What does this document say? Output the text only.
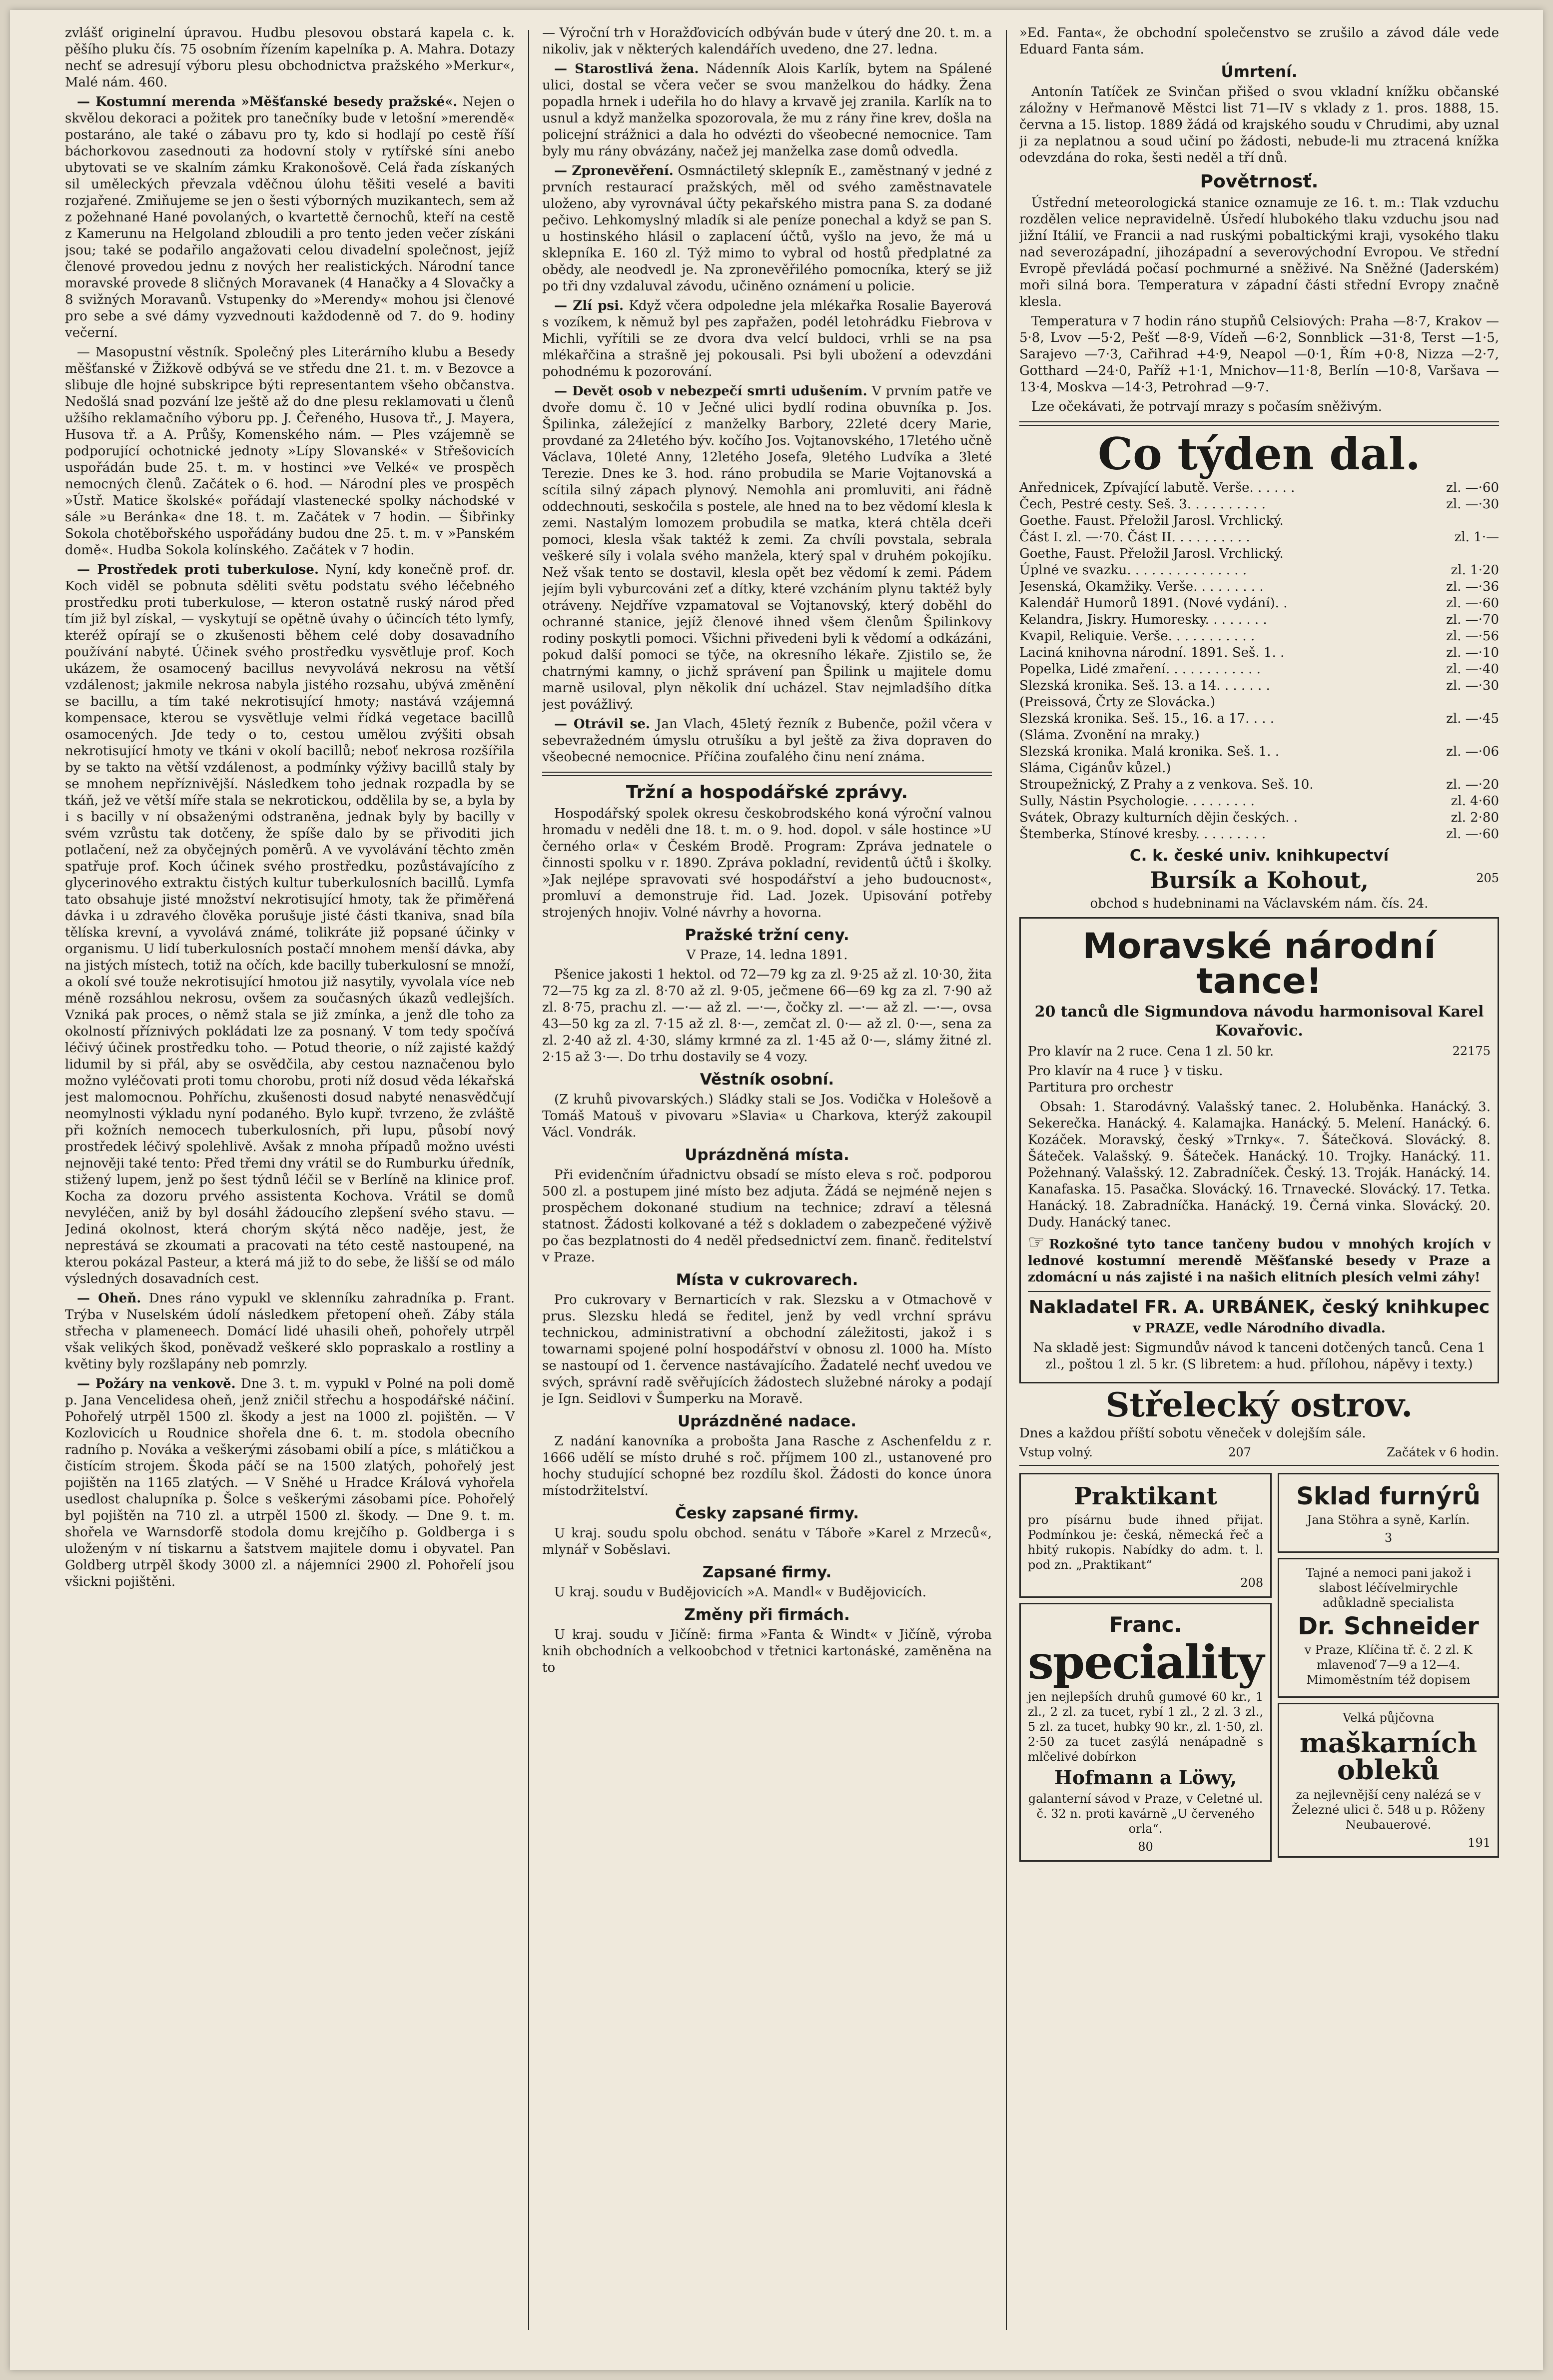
zvlášť originelní úpravou. Hudbu plesovou obstará kapela c. k. pěšího pluku čís. 75 osobním řízením kapelníka p. A. Mahra. Dotazy nechť se adresují výboru plesu obchodnictva pražského »Merkur«, Malé nám. 460.

— Kostumní merenda »Měšťanské besedy pražské«. Nejen o skvělou dekoraci a požitek pro tanečníky bude v letošní »merendě« postaráno, ale také o zábavu pro ty, kdo si hodlají po cestě říší báchorkovou zasednouti za hodovní stoly v rytířské síni anebo ubytovati se ve skalním zámku Krakonošově. Celá řada získaných sil uměleckých převzala vděčnou úlohu těšiti veselé a baviti rozjařené. Zmiňujeme se jen o šesti výborných muzikantech, sem až z požehnané Hané povolaných, o kvartettě černochů, kteří na cestě z Kamerunu na Helgoland zbloudili a pro tento jeden večer získáni jsou; také se podařilo angažovati celou divadelní společnost, jejíž členové provedou jednu z nových her realistických. Národní tance moravské provede 8 sličných Moravanek (4 Hanačky a 4 Slovačky a 8 svižných Moravanů. Vstupenky do »Merendy« mohou jsi členové pro sebe a své dámy vyzvednouti každodenně od 7. do 9. hodiny večerní.

— Masopustní věstník. Společný ples Literárního klubu a Besedy měšťanské v Žižkově odbývá se ve středu dne 21. t. m. v Bezovce a slibuje dle hojné subskripce býti representantem všeho občanstva. Nedošlá snad pozvání lze ještě až do dne plesu reklamovati u členů užšího reklamačního výboru pp. J. Čeřeného, Husova tř., J. Mayera, Husova tř. a A. Průšy, Komenského nám. — Ples vzájemně se podporující ochotnické jednoty »Lípy Slovanské« v Střešovicích uspořádán bude 25. t. m. v hostinci »ve Velké« ve prospěch nemocných členů. Začátek o 6. hod. — Národní ples ve prospěch »Ústř. Matice školské« pořádají vlastenecké spolky náchodské v sále »u Beránka« dne 18. t. m. Začátek v 7 hodin. — Šibřinky Sokola chotěbořského uspořádány budou dne 25. t. m. v »Panském domě«. Hudba Sokola kolínského. Začátek v 7 hodin.

— Prostředek proti tuberkulose. Nyní, kdy konečně prof. dr. Koch viděl se pobnuta sděliti světu podstatu svého léčebného prostředku proti tuberkulose, — kteron ostatně ruský národ před tím již byl získal, — vyskytují se opětně úvahy o účincích této lymfy, kteréž opírají se o zkušenosti během celé doby dosavadního používání nabyté. Účinek svého prostředku vysvětluje prof. Koch ukázem, že osamocený bacillus nevyvolává nekrosu na větší vzdálenost; jakmile nekrosa nabyla jistého rozsahu, ubývá změnění se bacillu, a tím také nekrotisující hmoty; nastává vzájemná kompensace, kterou se vysvětluje velmi řídká vegetace bacillů osamocených. Jde tedy o to, cestou umělou zvýšiti obsah nekrotisující hmoty ve tkáni v okolí bacillů; neboť nekrosa rozšířila by se takto na větší vzdálenost, a podmínky výživy bacillů staly by se mnohem nepříznivější. Následkem toho jednak rozpadla by se tkáň, jež ve větší míře stala se nekrotickou, oddělila by se, a byla by i s bacilly v ní obsaženými odstraněna, jednak byly by bacilly v svém vzrůstu tak dotčeny, že spíše dalo by se přivoditi jich potlačení, než za obyčejných poměrů. A ve vyvolávání těchto změn spatřuje prof. Koch účinek svého prostředku, pozůstávajícího z glycerinového extraktu čistých kultur tuberkulosních bacillů. Lymfa tato obsahuje jisté množství nekrotisující hmoty, tak že přiměřená dávka i u zdravého člověka porušuje jisté části tkaniva, snad bíla tělíska krevní, a vyvolává známé, tolikráte již popsané účinky v organismu. U lidí tuberkulosních postačí mnohem menší dávka, aby na jistých místech, totiž na očích, kde bacilly tuberkulosní se množí, a okolí své touže nekrotisující hmotou již nasytily, vyvolala více neb méně rozsáhlou nekrosu, ovšem za současných úkazů vedlejších. Vzniká pak proces, o němž stala se již zmínka, a jenž dle toho za okolností příznivých pokládati lze za posnaný. V tom tedy spočívá léčivý účinek prostředku toho. — Potud theorie, o níž zajisté každý lidumil by si přál, aby se osvědčila, aby cestou naznačenou bylo možno vyléčovati proti tomu chorobu, proti níž dosud věda lékařská jest malomocnou. Pohříchu, zkušenosti dosud nabyté nenasvědčují neomylnosti výkladu nyní podaného. Bylo kupř. tvrzeno, že zvláště při kožních nemocech tuberkulosních, při lupu, působí nový prostředek léčivý spolehlivě. Avšak z mnoha případů možno uvésti nejnověji také tento: Před třemi dny vrátil se do Rumburku úředník, stižený lupem, jenž po šest týdnů léčil se v Berlíně na klinice prof. Kocha za dozoru prvého assistenta Kochova. Vrátil se domů nevyléčen, aniž by byl dosáhl žádoucího zlepšení svého stavu. — Jediná okolnost, která chorým skýtá něco naděje, jest, že neprestává se zkoumati a pracovati na této cestě nastoupené, na kterou pokázal Pasteur, a která má již to do sebe, že lišší se od málo výsledných dosavadních cest.

— Oheň. Dnes ráno vypukl ve sklenníku zahradníka p. Frant. Trýba v Nuselském údolí následkem přetopení oheň. Záby stála střecha v plameneech. Domácí lidé uhasili oheň, pohořely utrpěl však velikých škod, poněvadž veškeré sklo popraskalo a rostliny a květiny byly rozšlapány neb pomrzly.

— Požáry na venkově. Dne 3. t. m. vypukl v Polné na poli domě p. Jana Vencelidesa oheň, jenž zničil střechu a hospodářské náčiní. Pohořelý utrpěl 1500 zl. škody a jest na 1000 zl. pojištěn. — V Kozlovicích u Roudnice shořela dne 6. t. m. stodola obecního radního p. Nováka a veškerými zásobami obilí a píce, s mlátičkou a čistícím strojem. Škoda páčí se na 1500 zlatých, pohořelý jest pojištěn na 1165 zlatých. — V Sněhé u Hradce Králová vyhořela usedlost chalupníka p. Šolce s veškerými zásobami píce. Pohořelý byl pojištěn na 710 zl. a utrpěl 1500 zl. škody. — Dne 9. t. m. shořela ve Warnsdorfě stodola domu krejčího p. Goldberga i s uloženým v ní tiskarnu a šatstvem majitele domu i obyvatel. Pan Goldberg utrpěl škody 3000 zl. a nájemníci 2900 zl. Pohořelí jsou všickni pojištěni.

— Výroční trh v Horažďovicích odbýván bude v úterý dne 20. t. m. a nikoliv, jak v některých kalendářích uvedeno, dne 27. ledna.

— Starostlivá žena. Nádenník Alois Karlík, bytem na Spálené ulici, dostal se včera večer se svou manželkou do hádky. Žena popadla hrnek i udeřila ho do hlavy a krvavě jej zranila. Karlík na to usnul a když manželka spozorovala, že mu z rány řine krev, došla na policejní strážnici a dala ho odvézti do všeobecné nemocnice. Tam byly mu rány obvázány, načež jej manželka zase domů odvedla.

— Zpronevěření. Osmnáctiletý sklepník E., zaměstnaný v jedné z prvních restaurací pražských, měl od svého zaměstnavatele uloženo, aby vyrovnával účty pekařského mistra pana S. za dodané pečivo. Lehkomyslný mladík si ale peníze ponechal a když se pan S. u hostinského hlásil o zaplacení účtů, vyšlo na jevo, že má u sklepníka E. 160 zl. Týž mimo to vybral od hostů předplatné za obědy, ale neodvedl je. Na zpronevěřilého pomocníka, který se již po tři dny vzdaluval závodu, učiněno oznámení u policie.

— Zlí psi. Když včera odpoledne jela mlékařka Rosalie Bayerová s vozíkem, k němuž byl pes zapřažen, podél letohrádku Fiebrova v Michli, vyřítili se ze dvora dva velcí buldoci, vrhli se na psa mlékařčina a strašně jej pokousali. Psi byli ubožení a odevzdáni pohodnému k pozorování.

— Devět osob v nebezpečí smrti udušením. V prvním patře ve dvoře domu č. 10 v Ječné ulici bydlí rodina obuvníka p. Jos. Špilinka, záležející z manželky Barbory, 22leté dcery Marie, provdané za 24letého býv. kočího Jos. Vojtanovského, 17letého učně Václava, 10leté Anny, 12letého Josefa, 9letého Ludvíka a 3leté Terezie. Dnes ke 3. hod. ráno probudila se Marie Vojtanovská a scítila silný zápach plynový. Nemohla ani promluviti, ani řádně oddechnouti, seskočila s postele, ale hned na to bez vědomí klesla k zemi. Nastalým lomozem probudila se matka, která chtěla dceři pomoci, klesla však taktéž k zemi. Za chvíli povstala, sebrala veškeré síly i volala svého manžela, který spal v druhém pokojíku. Než však tento se dostavil, klesla opět bez vědomí k zemi. Pádem jejím byli vyburcováni zeť a dítky, které vzcháním plynu taktéž byly otráveny. Nejdříve vzpamatoval se Vojtanovský, který doběhl do ochranné stanice, jejíž členové ihned všem členům Špilinkovy rodiny poskytli pomoci. Všichni přivedeni byli k vědomí a odkázáni, pokud další pomoci se týče, na okresního lékaře. Zjistilo se, že chatrnými kamny, o jichž správení pan Špilink u majitele domu marně usiloval, plyn několik dní ucházel. Stav nejmladšího dítka jest povážlivý.

— Otrávil se. Jan Vlach, 45letý řezník z Bubenče, požil včera v sebevražedném úmyslu otrušíku a byl ještě za živa dopraven do všeobecné nemocnice. Příčina zoufalého činu není známa.

Tržní a hospodářské zprávy.

Hospodářský spolek okresu českobrodského koná výroční valnou hromadu v neděli dne 18. t. m. o 9. hod. dopol. v sále hostince »U černého orla« v Českém Brodě. Program: Zpráva jednatele o činnosti spolku v r. 1890. Zpráva pokladní, revidentů účtů i školky. »Jak nejlépe spravovati své hospodářství a jeho budoucnost«, promluví a demonstruje řid. Lad. Jozek. Upisování potřeby strojených hnojiv. Volné návrhy a hovorna.

Pražské tržní ceny.

V Praze, 14. ledna 1891.

Pšenice jakosti 1 hektol. od 72—79 kg za zl. 9·25 až zl. 10·30, žita 72—75 kg za zl. 8·70 až zl. 9·05, ječmene 66—69 kg za zl. 7·90 až zl. 8·75, prachu zl. —·— až zl. —·—, čočky zl. —·— až zl. —·—, ovsa 43—50 kg za zl. 7·15 až zl. 8·—, zemčat zl. 0·— až zl. 0·—, sena za zl. 2·40 až zl. 4·30, slámy krmné za zl. 1·45 až 0·—, slámy žitné zl. 2·15 až 3·—. Do trhu dostavily se 4 vozy.

Věstník osobní.

(Z kruhů pivovarských.) Sládky stali se Jos. Vodička v Holešově a Tomáš Matouš v pivovaru »Slavia« u Charkova, kterýž zakoupil Václ. Vondrák.

Uprázdněná místa.

Při evidenčním úřadnictvu obsadí se místo eleva s roč. podporou 500 zl. a postupem jiné místo bez adjuta. Žádá se nejméně nejen s prospěchem dokonané studium na technice; zdraví a tělesná statnost. Žádosti kolkované a též s dokladem o zabezpečené výživě po čas bezplatnosti do 4 neděl předsednictví zem. finanč. ředitelství v Praze.

Místa v cukrovarech.

Pro cukrovary v Bernarticích v rak. Slezsku a v Otmachově v prus. Slezsku hledá se ředitel, jenž by vedl vrchní správu technickou, administrativní a obchodní záležitosti, jakož i s towarnami spojené polní hospodářství v obnosu zl. 1000 ha. Místo se nastoupí od 1. července nastávajícího. Žadatelé nechť uvedou ve svých, správní radě svěřujících žádostech služebné nároky a podají je Ign. Seidlovi v Šumperku na Moravě.

Uprázdněné nadace.

Z nadání kanovníka a probošta Jana Rasche z Aschenfeldu z r. 1666 udělí se místo druhé s roč. příjmem 100 zl., ustanovené pro hochy studující schopné bez rozdílu škol. Žádosti do konce února místodržitelství.

Česky zapsané firmy.

U kraj. soudu spolu obchod. senátu v Táboře »Karel z Mrzeců«, mlynář v Soběslavi.

Zapsané firmy.

U kraj. soudu v Budějovicích »A. Mandl« v Budějovicích.

Změny při firmách.

U kraj. soudu v Jičíně: firma »Fanta & Windt« v Jičíně, výroba knih obchodních a velkoobchod v třetnici kartonáské, zaměněna na to

»Ed. Fanta«, že obchodní společenstvo se zrušilo a závod dále vede Eduard Fanta sám.

Úmrtení.

Antonín Tatíček ze Svinčan přišed o svou vkladní knížku občanské záložny v Heřmanově Městci list 71—IV s vklady z 1. pros. 1888, 15. června a 15. listop. 1889 žádá od krajského soudu v Chrudimi, aby uznal ji za neplatnou a soud učiní po žádosti, nebude-li mu ztracená knížka odevzdána do roka, šesti neděl a tří dnů.

Povětrnosť.

Ústřední meteorologická stanice oznamuje ze 16. t. m.: Tlak vzduchu rozdělen velice nepravidelně. Úsředí hlubokého tlaku vzduchu jsou nad jižní Itálií, ve Francii a nad ruskými pobaltickými kraji, vysokého tlaku nad severozápadní, jihozápadní a severovýchodní Evropou. Ve střední Evropě převládá počasí pochmurné a sněživé. Na Sněžné (Jaderském) moři silná bora. Temperatura v západní části střední Evropy značně klesla.

Temperatura v 7 hodin ráno stupňů Celsiových: Praha —8·7, Krakov —5·8, Lvov —5·2, Pešť —8·9, Vídeň —6·2, Sonnblick —31·8, Terst —1·5, Sarajevo —7·3, Cařihrad +4·9, Neapol —0·1, Řím +0·8, Nizza —2·7, Gotthard —24·0, Paříž +1·1, Mnichov—11·8, Berlín —10·8, Varšava —13·4, Moskva —14·3, Petrohrad —9·7.

Lze očekávati, že potrvají mrazy s počasím sněživým.

Co týden dal.
Anřednicek, Zpívající labutě. Verše. . . . . .	zl. —·60
Čech, Pestré cesty. Seš. 3. . . . . . . . . .	zl. —·30
Goethe. Faust. Přeložil Jarosl. Vrchlický.	
Část I. zl. —·70. Část II. . . . . . . . . .	zl. 1·—
Goethe, Faust. Přeložil Jarosl. Vrchlický.	
Úplné ve svazku. . . . . . . . . . . . . . .	zl. 1·20
Jesenská, Okamžiky. Verše. . . . . . . . .	zl. —·36
Kalendář Humorů 1891. (Nové vydání). .	zl. —·60
Kelandra, Jiskry. Humoresky. . . . . . . .	zl. —·70
Kvapil, Reliquie. Verše. . . . . . . . . . .	zl. —·56
Laciná knihovna národní. 1891. Seš. 1. .	zl. —·10
Popelka, Lidé zmaření. . . . . . . . . . . .	zl. —·40
Slezská kronika. Seš. 13. a 14. . . . . . .	zl. —·30
(Preissová, Črty ze Slovácka.)	
Slezská kronika. Seš. 15., 16. a 17. . . .	zl. —·45
(Sláma. Zvonění na mraky.)	
Slezská kronika. Malá kronika. Seš. 1. .	zl. —·06
Sláma, Cigánův kůzel.)	
Stroupežnický, Z Prahy a z venkova. Seš. 10.	zl. —·20
Sully, Nástin Psychologie. . . . . . . . .	zl. 4·60
Svátek, Obrazy kulturních dějin českých. .	zl. 2·80
Štemberka, Stínové kresby. . . . . . . . .	zl. —·60
C. k. české univ. knihkupectví
Bursík a Kohout,	205

obchod s hudebninami na Václavském nám. čís. 24.

Moravské národní tance!

20 tanců dle Sigmundova návodu harmonisoval Karel Kovařovic.

Pro klavír na 2 ruce. Cena 1 zl. 50 kr.	22175

Pro klavír na 4 ruce } v tisku.

Partitura pro orchestr

Obsah: 1. Starodávný. Valašský tanec. 2. Holuběnka. Hanácký. 3. Sekerečka. Hanácký. 4. Kalamajka. Hanácký. 5. Melení. Hanácký. 6. Kozáček. Moravský, český »Trnky«. 7. Šátečková. Slovácký. 8. Šáteček. Valašský. 9. Šáteček. Hanácký. 10. Trojky. Hanácký. 11. Požehnaný. Valašský. 12. Zabradníček. Český. 13. Troják. Hanácký. 14. Kanafaska. 15. Pasačka. Slovácký. 16. Trnavecké. Slovácký. 17. Tetka. Hanácký. 18. Zabradníčka. Hanácký. 19. Černá vinka. Slovácký. 20. Dudy. Hanácký tanec.

☞ Rozkošné tyto tance tančeny budou v mnohých krojích v lednové kostumní merendě Měšťanské besedy v Praze a zdomácní u nás zajisté i na našich elitních plesích velmi záhy!

Nakladatel FR. A. URBÁNEK, český knihkupec

v PRAZE, vedle Národního divadla.

Na skladě jest: Sigmundův návod k tanceni dotčených tanců. Cena 1 zl., poštou 1 zl. 5 kr. (S libretem: a hud. přílohou, nápěvy i texty.)

Střelecký ostrov.

Dnes a každou příští sobotu věneček v dolejším sále.

Vstup volný.	207	Začátek v 6 hodin.
Praktikant

pro písárnu bude ihned přijat. Podmínkou je: česká, německá řeč a hbitý rukopis. Nabídky do adm. t. l. pod zn. „Praktikant“

208
Franc.
speciality

jen nejlepších druhů gumové 60 kr., 1 zl., 2 zl. za tucet, rybí 1 zl., 2 zl. 3 zl., 5 zl. za tucet, hubky 90 kr., zl. 1·50, zl. 2·50 za tucet zasýlá nenápadně s mlčelivé dobírkon

Hofmann a Löwy,

galanterní sávod v Praze, v Celetné ul. č. 32 n. proti kavárně „U červeného orla“.

80
Sklad furnýrů

Jana Stöhra a syně, Karlín.

3

Tajné a nemoci pani jakož i slabost léčívelmirychle adůkladně specialista

Dr. Schneider

v Praze, Klíčina tř. č. 2 zl. K mlavenoď 7—9 a 12—4. Mimoměstním též dopisem

Velká půjčovna

maškarních obleků

za nejlevnější ceny nalézá se v Železné ulici č. 548 u p. Rôženy Neubauerové.

191
